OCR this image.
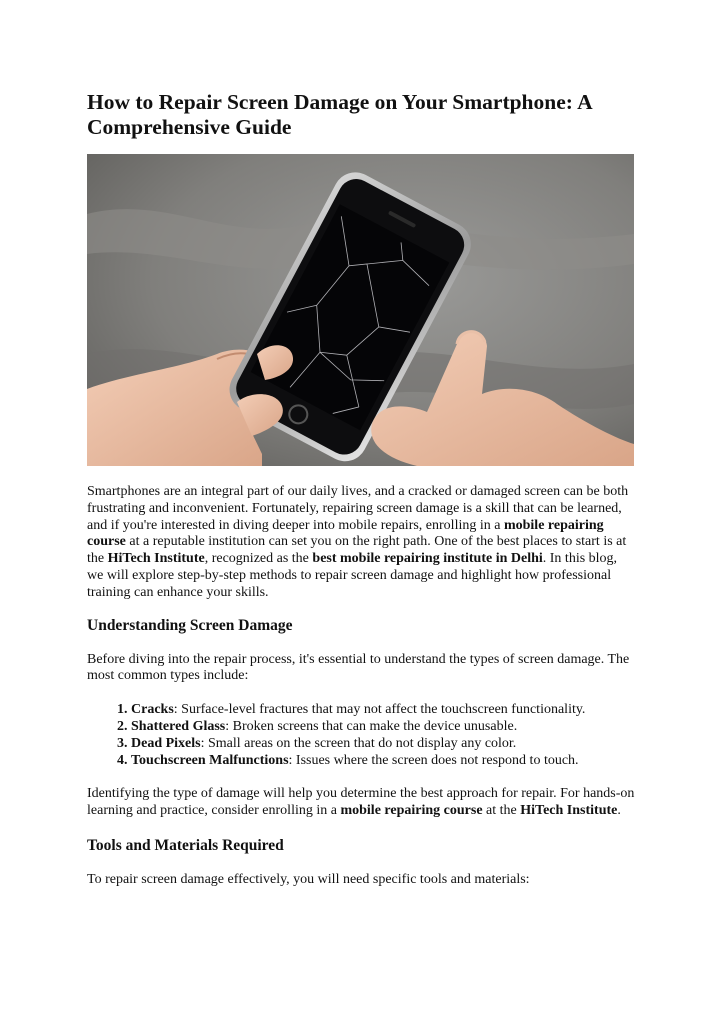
How to Repair Screen Damage on Your Smartphone: A Comprehensive Guide

Smartphones are an integral part of our daily lives, and a cracked or damaged screen can be both frustrating and inconvenient. Fortunately, repairing screen damage is a skill that can be learned, and if you're interested in diving deeper into mobile repairs, enrolling in a mobile repairing course at a reputable institution can set you on the right path. One of the best places to start is at the HiTech Institute, recognized as the best mobile repairing institute in Delhi. In this blog, we will explore step-by-step methods to repair screen damage and highlight how professional training can enhance your skills.

Understanding Screen Damage

Before diving into the repair process, it's essential to understand the types of screen damage. The most common types include:

1. Cracks: Surface-level fractures that may not affect the touchscreen functionality.
2. Shattered Glass: Broken screens that can make the device unusable.
3. Dead Pixels: Small areas on the screen that do not display any color.
4. Touchscreen Malfunctions: Issues where the screen does not respond to touch.

Identifying the type of damage will help you determine the best approach for repair. For hands-on learning and practice, consider enrolling in a mobile repairing course at the HiTech Institute.

Tools and Materials Required

To repair screen damage effectively, you will need specific tools and materials:
